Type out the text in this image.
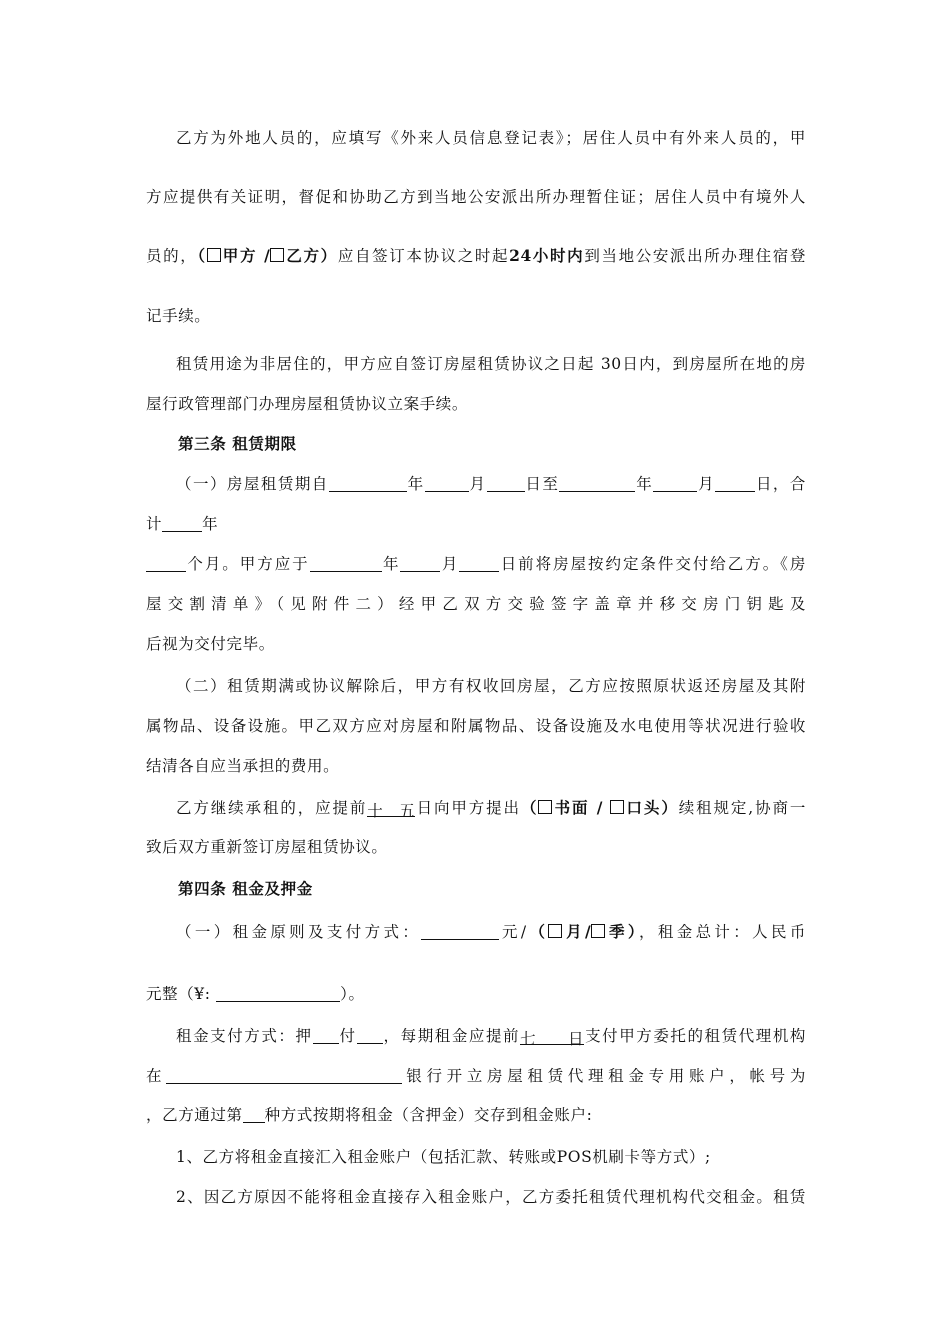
乙方为外地人员的，应填写《外来人员信息登记表》；居住人员中有外来人员的，甲
方应提供有关证明，督促和协助乙方到当地公安派出所办理暂住证；居住人员中有境外人
员的，（ 甲方 / 乙方）应自签订本协议之时起24小时内到当地公安派出所办理住宿登
记手续。
租赁用途为非居住的，甲方应自签订房屋租赁协议之日起 30日内，到房屋所在地的房
屋行政管理部门办理房屋租赁协议立案手续。
第三条 租赁期限
（一）房屋租赁期自	年	月 日至	年	月	日，合
计	年
个月。甲方应于	年	月	日前将房屋按约定条件交付给乙方。《房
屋交割清单》（见附件二）经甲乙双方交验签字盖章并移交房门钥匙及
后视为交付完毕。
（二）租赁期满或协议解除后，甲方有权收回房屋，乙方应按照原状返还房屋及其附
属物品、设备设施。甲乙双方应对房屋和附属物品、设备设施及水电使用等状况进行验收
结清各自应当承担的费用。
乙方继续承租的，应提前十五日向甲方提出（ 书面 / 口头）续租规定,协商一
致后双方重新签订房屋租赁协议。
第四条 租金及押金
（一）租金原则及支付方式：	元/（ 月/ 季），租金总计：人民币
元整（¥:	）。
租金支付方式：押 付 ，每期租金应提前七日支付甲方委托的租赁代理机构
在	银行开立房屋租赁代理租金专用账户，帐号为
，乙方通过第 种方式按期将租金（含押金）交存到租金账户:
1、乙方将租金直接汇入租金账户（包括汇款、转账或POS机刷卡等方式）;
2、因乙方原因不能将租金直接存入租金账户，乙方委托租赁代理机构代交租金。租赁
